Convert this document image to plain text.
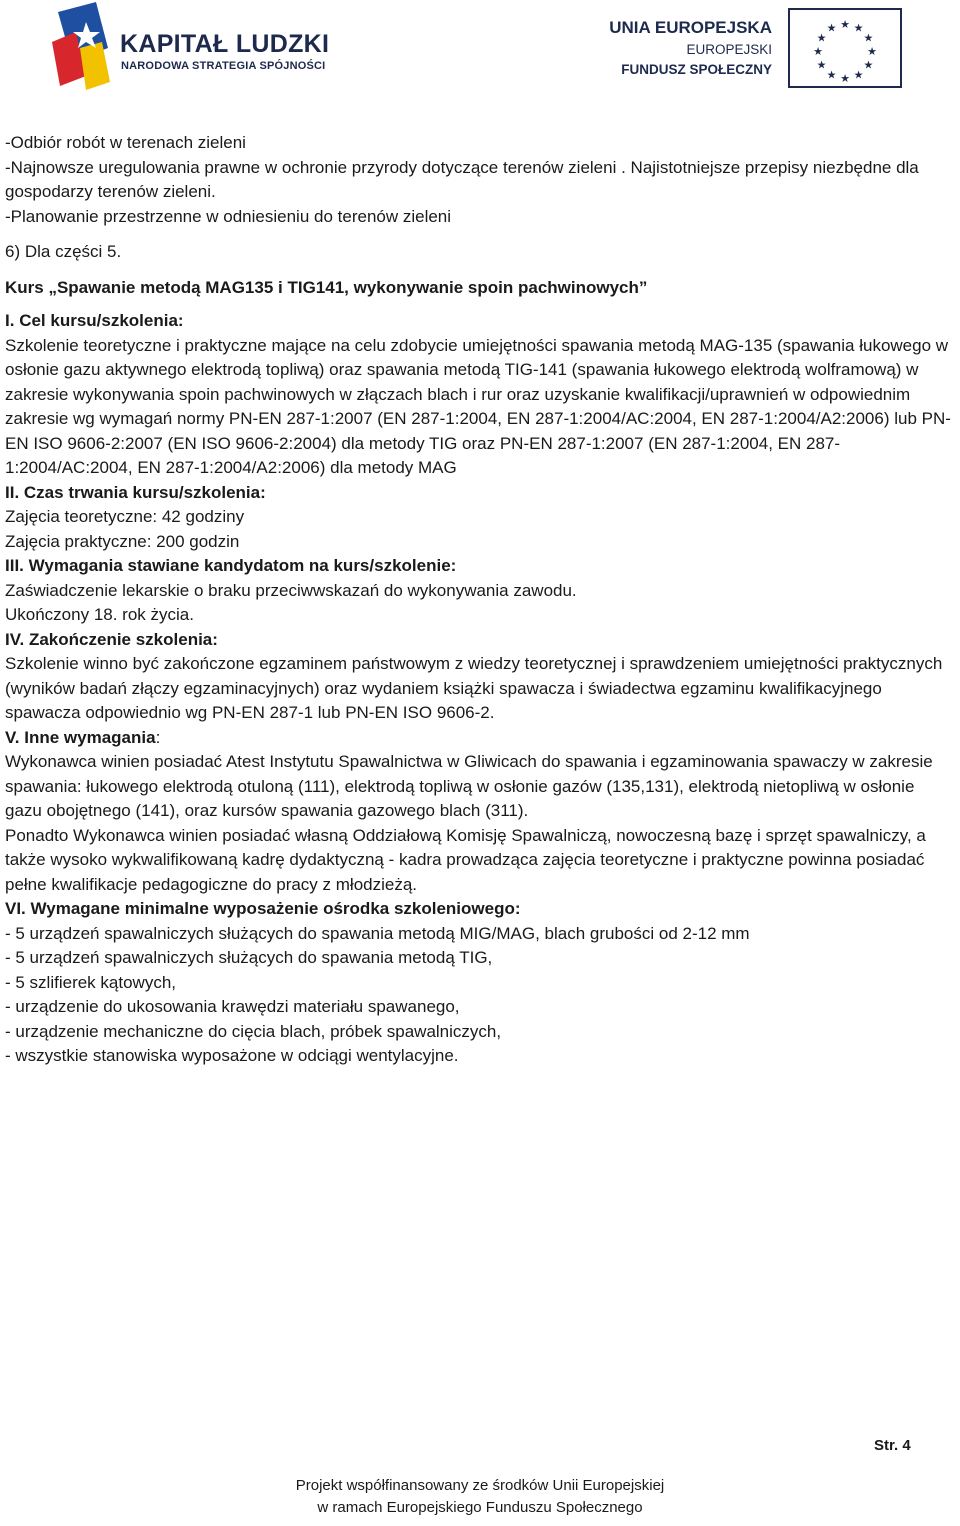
KAPITAŁ LUDZKI
NARODOWA STRATEGIA SPÓJNOŚCI
UNIA EUROPEJSKA
EUROPEJSKI
FUNDUSZ SPOŁECZNY
★ ★
★
★
★
★
★
★
★
★
★
★

-Odbiór robót w terenach zieleni

-Najnowsze uregulowania prawne w ochronie przyrody dotyczące terenów zieleni . Najistotniejsze przepisy niezbędne dla gospodarzy terenów zieleni.

-Planowanie przestrzenne w odniesieniu do terenów zieleni

6) Dla części 5.

Kurs „Spawanie metodą MAG135 i TIG141, wykonywanie spoin pachwinowych”

I. Cel kursu/szkolenia:

Szkolenie teoretyczne i praktyczne mające na celu zdobycie umiejętności spawania metodą MAG-135 (spawania łukowego w osłonie gazu aktywnego elektrodą topliwą) oraz spawania metodą TIG-141 (spawania łukowego elektrodą wolframową) w zakresie wykonywania spoin pachwinowych w złączach blach i rur oraz uzyskanie kwalifikacji/uprawnień w odpowiednim zakresie wg wymagań normy PN-EN 287-1:2007 (EN 287-1:2004, EN 287-1:2004/AC:2004, EN 287-1:2004/A2:2006) lub PN-EN ISO 9606-2:2007 (EN ISO 9606-2:2004) dla metody TIG oraz PN-EN 287-1:2007 (EN 287-1:2004, EN 287-1:2004/AC:2004, EN 287-1:2004/A2:2006) dla metody MAG

II. Czas trwania kursu/szkolenia:

Zajęcia teoretyczne: 42 godziny

Zajęcia praktyczne: 200 godzin

III. Wymagania stawiane kandydatom na kurs/szkolenie:

Zaświadczenie lekarskie o braku przeciwwskazań do wykonywania zawodu.

Ukończony 18. rok życia.

IV. Zakończenie szkolenia:

Szkolenie winno być zakończone egzaminem państwowym z wiedzy teoretycznej i sprawdzeniem umiejętności praktycznych (wyników badań złączy egzaminacyjnych) oraz wydaniem książki spawacza i świadectwa egzaminu kwalifikacyjnego spawacza odpowiednio wg PN-EN 287-1 lub PN-EN ISO 9606-2.

V. Inne wymagania:

Wykonawca winien posiadać Atest Instytutu Spawalnictwa w Gliwicach do spawania i egzaminowania spawaczy w zakresie spawania: łukowego elektrodą otuloną (111), elektrodą topliwą w osłonie gazów (135,131), elektrodą nietopliwą w osłonie gazu obojętnego (141), oraz kursów spawania gazowego blach (311).

Ponadto Wykonawca winien posiadać własną Oddziałową Komisję Spawalniczą, nowoczesną bazę i sprzęt spawalniczy, a także wysoko wykwalifikowaną kadrę dydaktyczną - kadra prowadząca zajęcia teoretyczne i praktyczne powinna posiadać pełne kwalifikacje pedagogiczne do pracy z młodzieżą.

VI. Wymagane minimalne wyposażenie ośrodka szkoleniowego:

- 5 urządzeń spawalniczych służących do spawania metodą MIG/MAG, blach grubości od 2-12 mm

- 5 urządzeń spawalniczych służących do spawania metodą TIG,

- 5 szlifierek kątowych,

- urządzenie do ukosowania krawędzi materiału spawanego,

- urządzenie mechaniczne do cięcia blach, próbek spawalniczych,

- wszystkie stanowiska wyposażone w odciągi wentylacyjne.

Str. 4
Projekt współfinansowany ze środków Unii Europejskiej
w ramach Europejskiego Funduszu Społecznego
